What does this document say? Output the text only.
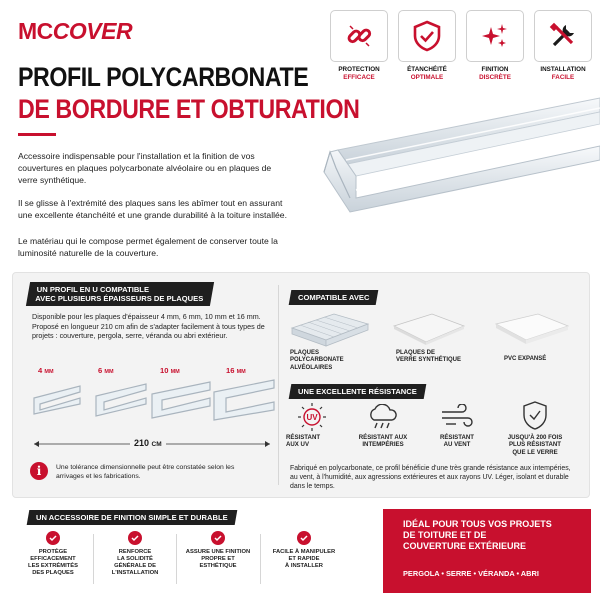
MCCOVER
PROFIL POLYCARBONATE
DE BORDURE ET OBTURATION
Accessoire indispensable pour l'installation et la finition de vos couvertures en plaques polycarbonate alvéolaire ou en plaques de verre synthétique.
Il se glisse à l'extrémité des plaques sans les abîmer tout en assurant une excellente étanchéité et une grande durabilité à la toiture installée.
Le matériau qui le compose permet également de conserver toute la luminosité naturelle de la couverture.
PROTECTION
EFFICACE
ÉTANCHÉITÉ
OPTIMALE
FINITION
DISCRÈTE
INSTALLATION
FACILE
UN PROFIL EN U COMPATIBLE
AVEC PLUSIEURS ÉPAISSEURS DE PLAQUES
Disponible pour les plaques d'épaisseur 4 mm, 6 mm, 10 mm et 16 mm. Proposé en longueur 210 cm afin de s'adapter facilement à tous types de projets : couverture, pergola, serre, véranda ou abri extérieur.
4 MM	6 MM	10 MM	16 MM
210 CM
i	Une tolérance dimensionnelle peut être constatée selon les arrivages et les fabrications.
COMPATIBLE AVEC
PLAQUES
POLYCARBONATE
ALVÉOLAIRES
PLAQUES DE
VERRE SYNTHÉTIQUE	PVC EXPANSÉ
UNE EXCELLENTE RÉSISTANCE
UV
RÉSISTANT
AUX UV
RÉSISTANT AUX
INTEMPÉRIES
RÉSISTANT
AU VENT
JUSQU'À 200 FOIS
PLUS RÉSISTANT
QUE LE VERRE
Fabriqué en polycarbonate, ce profil bénéficie d'une très grande résistance aux intempéries, au vent, à l'humidité, aux agressions extérieures et aux rayons UV. Léger, isolant et durable dans le temps.
UN ACCESSOIRE DE FINITION SIMPLE ET DURABLE
PROTÈGE
EFFICACEMENT
LES EXTRÉMITÉS
DES PLAQUES
RENFORCE
LA SOLIDITÉ
GÉNÉRALE DE
L'INSTALLATION
ASSURE UNE FINITION
PROPRE ET
ESTHÉTIQUE
FACILE À MANIPULER
ET RAPIDE
À INSTALLER
IDÉAL POUR TOUS VOS PROJETS
DE TOITURE ET DE
COUVERTURE EXTÉRIEURE
PERGOLA • SERRE • VÉRANDA • ABRI
